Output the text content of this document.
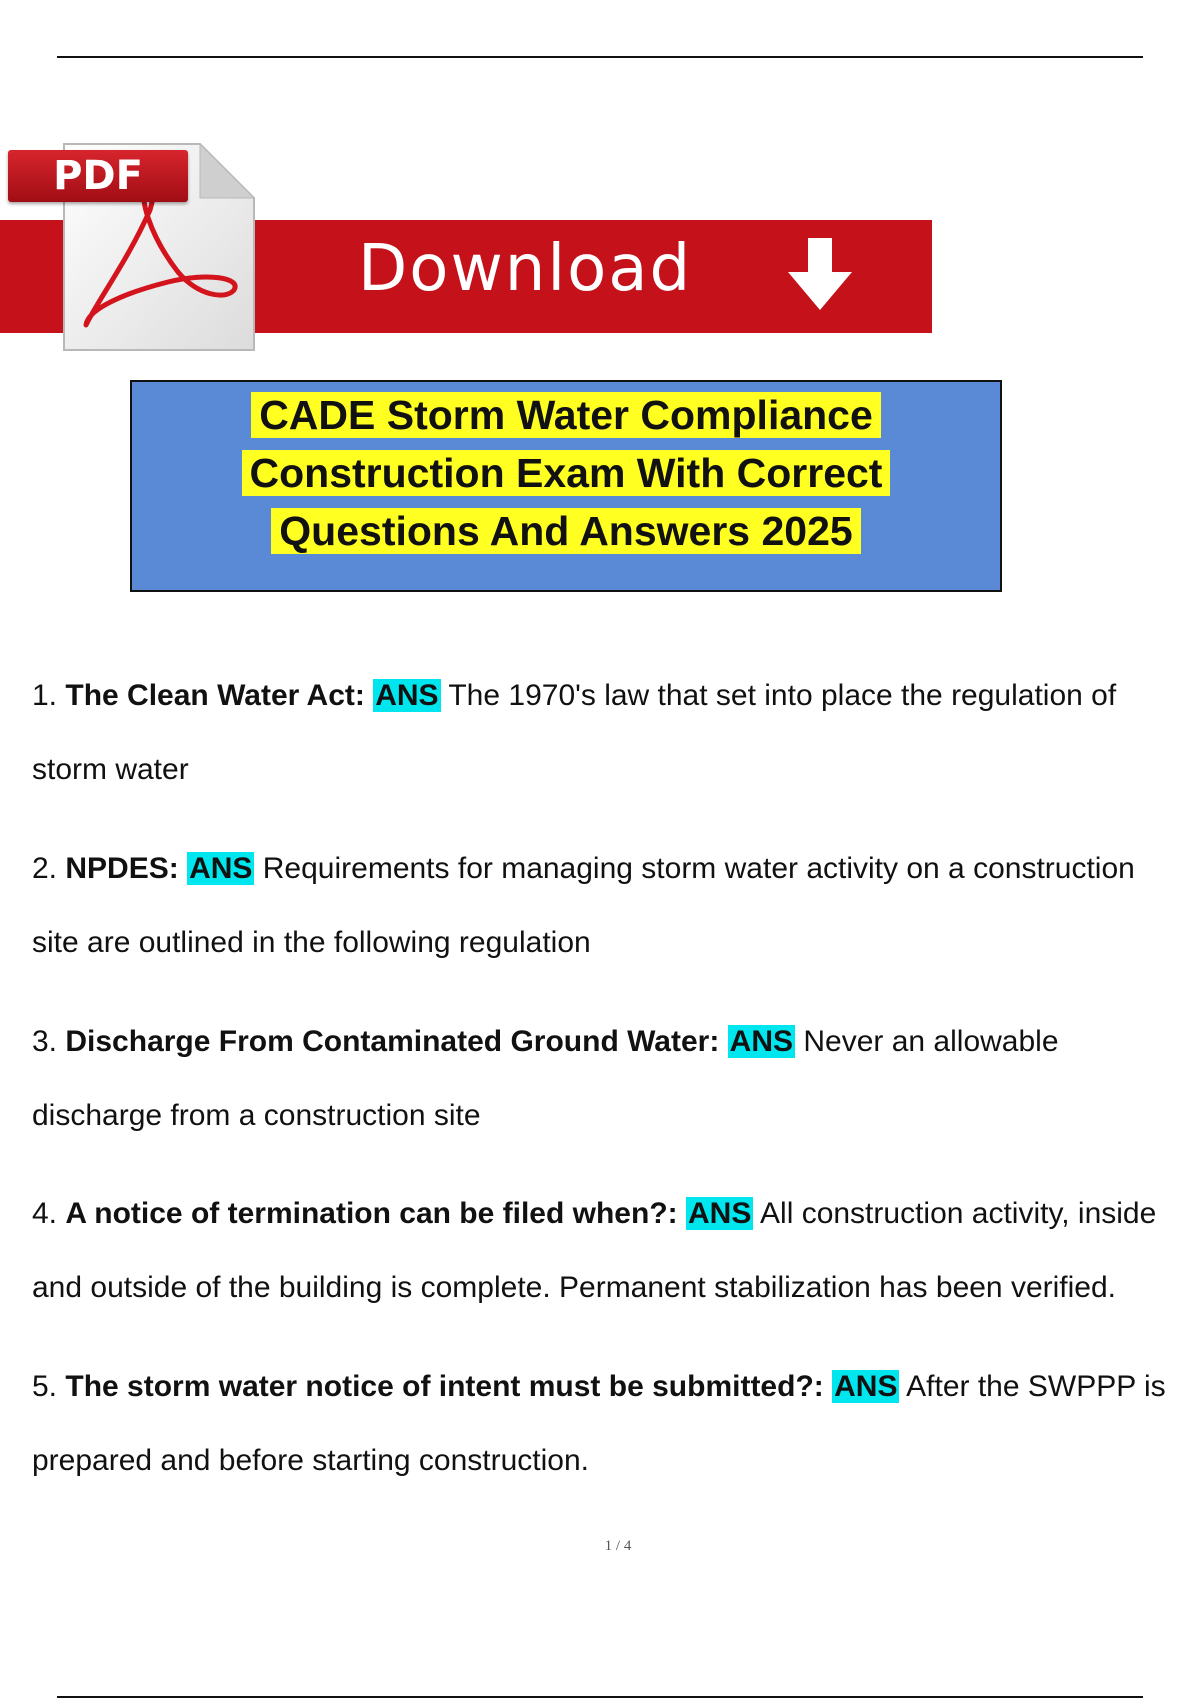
Download
PDF
CADE Storm Water Compliance
Construction Exam With Correct
Questions And Answers 2025
1. The Clean Water Act: ANS The 1970's law that set into place the regulation of storm water
2. NPDES: ANS Requirements for managing storm water activity on a construction site are outlined in the following regulation
3. Discharge From Contaminated Ground Water: ANS Never an allowable discharge from a construction site
4. A notice of termination can be filed when?: ANS All construction activity, inside and outside of the building is complete. Permanent stabilization has been verified.
5. The storm water notice of intent must be submitted?: ANS After the SWPPP is prepared and before starting construction.
1 / 4
